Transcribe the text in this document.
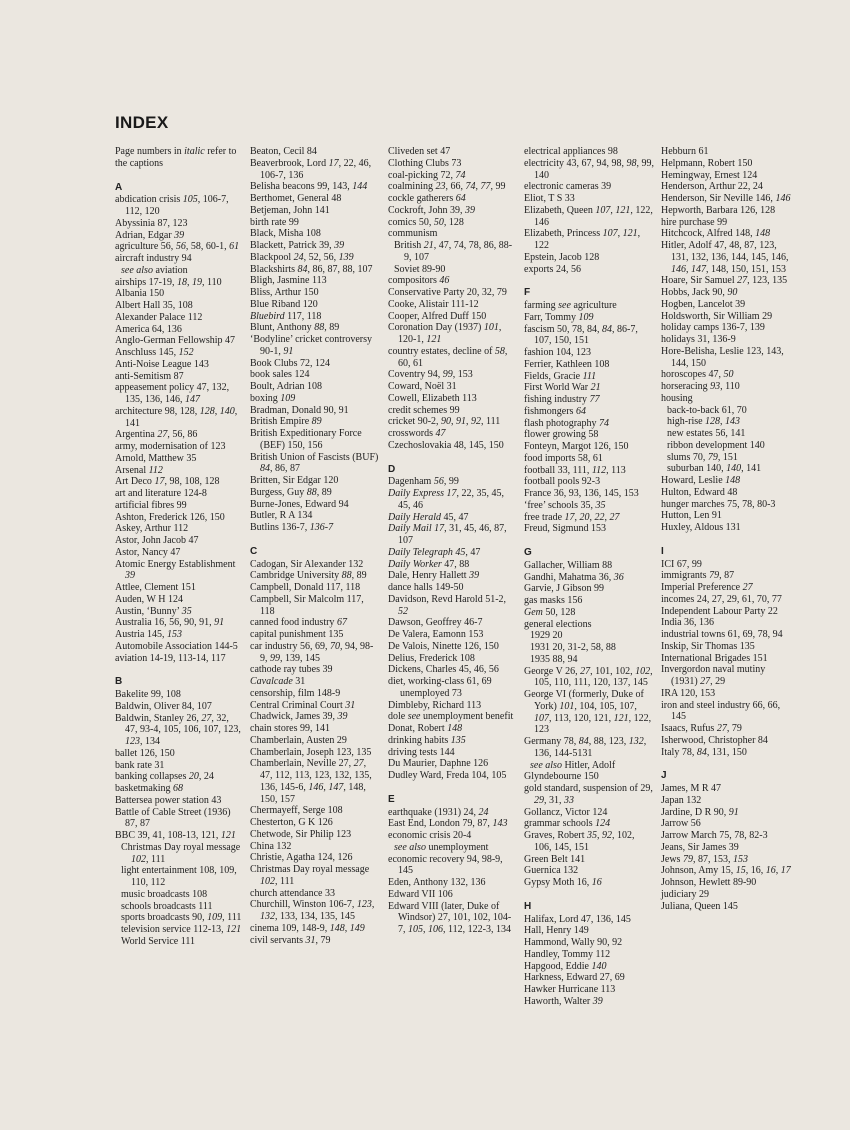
INDEX
Page numbers in italic refer to the captions
A
abdication crisis 105, 106-7, 112, 120
Abyssinia 87, 123
Adrian, Edgar 39
agriculture 56, 56, 58, 60-1, 61
aircraft industry 94
see also aviation
airships 17-19, 18, 19, 110
Albania 150
Albert Hall 35, 108
Alexander Palace 112
America 64, 136
Anglo-German Fellowship 47
Anschluss 145, 152
Anti-Noise League 143
anti-Semitism 87
appeasement policy 47, 132, 135, 136, 146, 147
architecture 98, 128, 128, 140, 141
Argentina 27, 56, 86
army, modernisation of 123
Arnold, Matthew 35
Arsenal 112
Art Deco 17, 98, 108, 128
art and literature 124-8
artificial fibres 99
Ashton, Frederick 126, 150
Askey, Arthur 112
Astor, John Jacob 47
Astor, Nancy 47
Atomic Energy Establishment 39
Attlee, Clement 151
Auden, W H 124
Austin, ‘Bunny’ 35
Australia 16, 56, 90, 91, 91
Austria 145, 153
Automobile Association 144-5
aviation 14-19, 113-14, 117
B
Bakelite 99, 108
Baldwin, Oliver 84, 107
Baldwin, Stanley 26, 27, 32, 47, 93-4, 105, 106, 107, 123, 123, 134
ballet 126, 150
bank rate 31
banking collapses 20, 24
basketmaking 68
Battersea power station 43
Battle of Cable Street (1936) 87, 87
BBC 39, 41, 108-13, 121, 121
Christmas Day royal message 102, 111
light entertainment 108, 109, 110, 112
music broadcasts 108
schools broadcasts 111
sports broadcasts 90, 109, 111
television service 112-13, 121
World Service 111
Beaton, Cecil 84
Beaverbrook, Lord 17, 22, 46, 106-7, 136
Belisha beacons 99, 143, 144
Berthomet, General 48
Betjeman, John 141
birth rate 99
Black, Misha 108
Blackett, Patrick 39, 39
Blackpool 24, 52, 56, 139
Blackshirts 84, 86, 87, 88, 107
Bligh, Jasmine 113
Bliss, Arthur 150
Blue Riband 120
Bluebird 117, 118
Blunt, Anthony 88, 89
‘Bodyline’ cricket controversy 90-1, 91
Book Clubs 72, 124
book sales 124
Boult, Adrian 108
boxing 109
Bradman, Donald 90, 91
British Empire 89
British Expeditionary Force (BEF) 150, 156
British Union of Fascists (BUF) 84, 86, 87
Britten, Sir Edgar 120
Burgess, Guy 88, 89
Burne-Jones, Edward 94
Butler, R A 134
Butlins 136-7, 136-7
C
Cadogan, Sir Alexander 132
Cambridge University 88, 89
Campbell, Donald 117, 118
Campbell, Sir Malcolm 117, 118
canned food industry 67
capital punishment 135
car industry 56, 69, 70, 94, 98-9, 99, 139, 145
cathode ray tubes 39
Cavalcade 31
censorship, film 148-9
Central Criminal Court 31
Chadwick, James 39, 39
chain stores 99, 141
Chamberlain, Austen 29
Chamberlain, Joseph 123, 135
Chamberlain, Neville 27, 27, 47, 112, 113, 123, 132, 135, 136, 145-6, 146, 147, 148, 150, 157
Chermayeff, Serge 108
Chesterton, G K 126
Chetwode, Sir Philip 123
China 132
Christie, Agatha 124, 126
Christmas Day royal message 102, 111
church attendance 33
Churchill, Winston 106-7, 123, 132, 133, 134, 135, 145
cinema 109, 148-9, 148, 149
civil servants 31, 79
Cliveden set 47
Clothing Clubs 73
coal-picking 72, 74
coalmining 23, 66, 74, 77, 99
cockle gatherers 64
Cockroft, John 39, 39
comics 50, 50, 128
communism
British 21, 47, 74, 78, 86, 88-9, 107
Soviet 89-90
compositors 46
Conservative Party 20, 32, 79
Cooke, Alistair 111-12
Cooper, Alfred Duff 150
Coronation Day (1937) 101, 120-1, 121
country estates, decline of 58, 60, 61
Coventry 94, 99, 153
Coward, Noël 31
Cowell, Elizabeth 113
credit schemes 99
cricket 90-2, 90, 91, 92, 111
crosswords 47
Czechoslovakia 48, 145, 150
D
Dagenham 56, 99
Daily Express 17, 22, 35, 45, 45, 46
Daily Herald 45, 47
Daily Mail 17, 31, 45, 46, 87, 107
Daily Telegraph 45, 47
Daily Worker 47, 88
Dale, Henry Hallett 39
dance halls 149-50
Davidson, Revd Harold 51-2, 52
Dawson, Geoffrey 46-7
De Valera, Eamonn 153
De Valois, Ninette 126, 150
Delius, Frederick 108
Dickens, Charles 45, 46, 56
diet, working-class 61, 69
unemployed 73
Dimbleby, Richard 113
dole see unemployment benefit
Donat, Robert 148
drinking habits 135
driving tests 144
Du Maurier, Daphne 126
Dudley Ward, Freda 104, 105
E
earthquake (1931) 24, 24
East End, London 79, 87, 143
economic crisis 20-4
see also unemployment
economic recovery 94, 98-9, 145
Eden, Anthony 132, 136
Edward VII 106
Edward VIII (later, Duke of Windsor) 27, 101, 102, 104-7, 105, 106, 112, 122-3, 134
electrical appliances 98
electricity 43, 67, 94, 98, 98, 99, 140
electronic cameras 39
Eliot, T S 33
Elizabeth, Queen 107, 121, 122, 146
Elizabeth, Princess 107, 121, 122
Epstein, Jacob 128
exports 24, 56
F
farming see agriculture
Farr, Tommy 109
fascism 50, 78, 84, 84, 86-7, 107, 150, 151
fashion 104, 123
Ferrier, Kathleen 108
Fields, Gracie 111
First World War 21
fishing industry 77
fishmongers 64
flash photography 74
flower growing 58
Fonteyn, Margot 126, 150
food imports 58, 61
football 33, 111, 112, 113
football pools 92-3
France 36, 93, 136, 145, 153
‘free’ schools 35, 35
free trade 17, 20, 22, 27
Freud, Sigmund 153
G
Gallacher, William 88
Gandhi, Mahatma 36, 36
Garvie, J Gibson 99
gas masks 156
Gem 50, 128
general elections
1929 20
1931 20, 31-2, 58, 88
1935 88, 94
George V 26, 27, 101, 102, 102, 105, 110, 111, 120, 137, 145
George VI (formerly, Duke of York) 101, 104, 105, 107, 107, 113, 120, 121, 121, 122, 123
Germany 78, 84, 88, 123, 132, 136, 144-5131
see also Hitler, Adolf
Glyndebourne 150
gold standard, suspension of 29, 29, 31, 33
Gollancz, Victor 124
grammar schools 124
Graves, Robert 35, 92, 102, 106, 145, 151
Green Belt 141
Guernica 132
Gypsy Moth 16, 16
H
Halifax, Lord 47, 136, 145
Hall, Henry 149
Hammond, Wally 90, 92
Handley, Tommy 112
Hapgood, Eddie 140
Harkness, Edward 27, 69
Hawker Hurricane 113
Haworth, Walter 39
Hebburn 61
Helpmann, Robert 150
Hemingway, Ernest 124
Henderson, Arthur 22, 24
Henderson, Sir Neville 146, 146
Hepworth, Barbara 126, 128
hire purchase 99
Hitchcock, Alfred 148, 148
Hitler, Adolf 47, 48, 87, 123, 131, 132, 136, 144, 145, 146, 146, 147, 148, 150, 151, 153
Hoare, Sir Samuel 27, 123, 135
Hobbs, Jack 90, 90
Hogben, Lancelot 39
Holdsworth, Sir William 29
holiday camps 136-7, 139
holidays 31, 136-9
Hore-Belisha, Leslie 123, 143, 144, 150
horoscopes 47, 50
horseracing 93, 110
housing
back-to-back 61, 70
high-rise 128, 143
new estates 56, 141
ribbon development 140
slums 70, 79, 151
suburban 140, 140, 141
Howard, Leslie 148
Hulton, Edward 48
hunger marches 75, 78, 80-3
Hutton, Len 91
Huxley, Aldous 131
I
ICI 67, 99
immigrants 79, 87
Imperial Preference 27
incomes 24, 27, 29, 61, 70, 77
Independent Labour Party 22
India 36, 136
industrial towns 61, 69, 78, 94
Inskip, Sir Thomas 135
International Brigades 151
Invergordon naval mutiny (1931) 27, 29
IRA 120, 153
iron and steel industry 66, 66, 145
Isaacs, Rufus 27, 79
Isherwood, Christopher 84
Italy 78, 84, 131, 150
J
James, M R 47
Japan 132
Jardine, D R 90, 91
Jarrow 56
Jarrow March 75, 78, 82-3
Jeans, Sir James 39
Jews 79, 87, 153, 153
Johnson, Amy 15, 15, 16, 16, 17
Johnson, Hewlett 89-90
judiciary 29
Juliana, Queen 145
